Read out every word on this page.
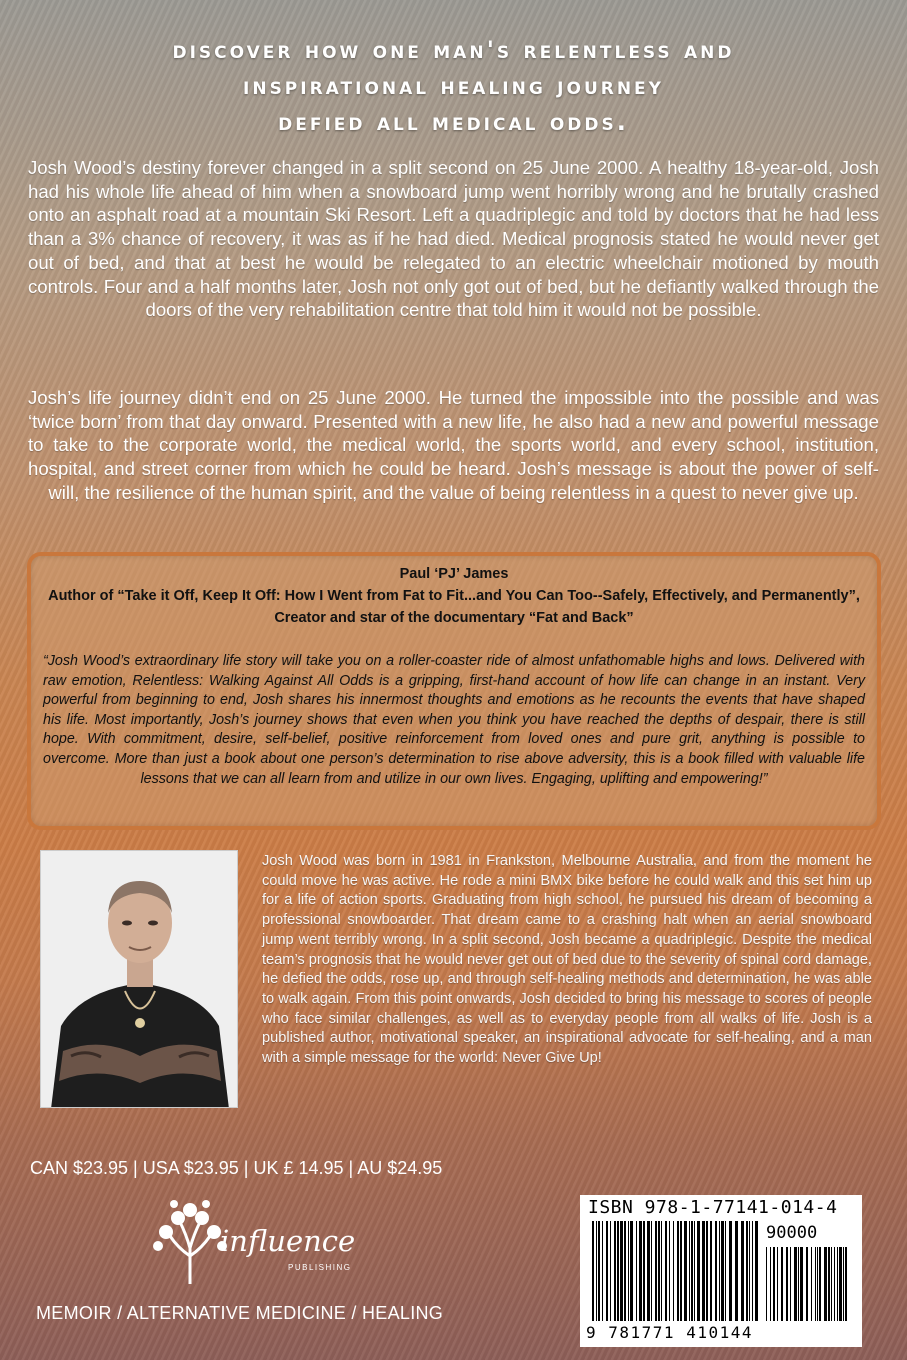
discover how one man's relentless and
inspirational healing journey
defied all medical odds.

Josh Wood’s destiny forever changed in a split second on 25 June 2000. A healthy 18-year-old, Josh had his whole life ahead of him when a snowboard jump went horribly wrong and he brutally crashed onto an asphalt road at a mountain Ski Resort. Left a quadriplegic and told by doctors that he had less than a 3% chance of recovery, it was as if he had died. Medical prognosis stated he would never get out of bed, and that at best he would be relegated to an electric wheelchair motioned by mouth controls. Four and a half months later, Josh not only got out of bed, but he defiantly walked through the doors of the very rehabilitation centre that told him it would not be possible.

Josh’s life journey didn’t end on 25 June 2000. He turned the impossible into the possible and was ‘twice born’ from that day onward. Presented with a new life, he also had a new and powerful message to take to the corporate world, the medical world, the sports world, and every school, institution, hospital, and street corner from which he could be heard. Josh’s message is about the power of self-will, the resilience of the human spirit, and the value of being relentless in a quest to never give up.

Paul ‘PJ’ James
Author of “Take it Off, Keep It Off: How I Went from Fat to Fit...and You Can Too--Safely, Effectively, and Permanently”, Creator and star of the documentary “Fat and Back”

“Josh Wood’s extraordinary life story will take you on a roller-coaster ride of almost unfathomable highs and lows. Delivered with raw emotion, Relentless: Walking Against All Odds is a gripping, first-hand account of how life can change in an instant. Very powerful from beginning to end, Josh shares his innermost thoughts and emotions as he recounts the events that have shaped his life. Most importantly, Josh’s journey shows that even when you think you have reached the depths of despair, there is still hope. With commitment, desire, self-belief, positive reinforcement from loved ones and pure grit, anything is possible to overcome. More than just a book about one person’s determination to rise above adversity, this is a book filled with valuable life lessons that we can all learn from and utilize in our own lives. Engaging, uplifting and empowering!”

Josh Wood was born in 1981 in Frankston, Melbourne Australia, and from the moment he could move he was active. He rode a mini BMX bike before he could walk and this set him up for a life of action sports. Graduating from high school, he pursued his dream of becoming a professional snowboarder. That dream came to a crashing halt when an aerial snowboard jump went terribly wrong. In a split second, Josh became a quadriplegic. Despite the medical team’s prognosis that he would never get out of bed due to the severity of spinal cord damage, he defied the odds, rose up, and through self-healing methods and determination, he was able to walk again. From this point onwards, Josh decided to bring his message to scores of people who face similar challenges, as well as to everyday people from all walks of life. Josh is a published author, motivational speaker, an inspirational advocate for self-healing, and a man with a simple message for the world: Never Give Up!

CAN $23.95 | USA $23.95 | UK £ 14.95 | AU $24.95
influence
PUBLISHING
MEMOIR / ALTERNATIVE MEDICINE / HEALING
ISBN 978-1-77141-014-4
90000
9 781771 410144
